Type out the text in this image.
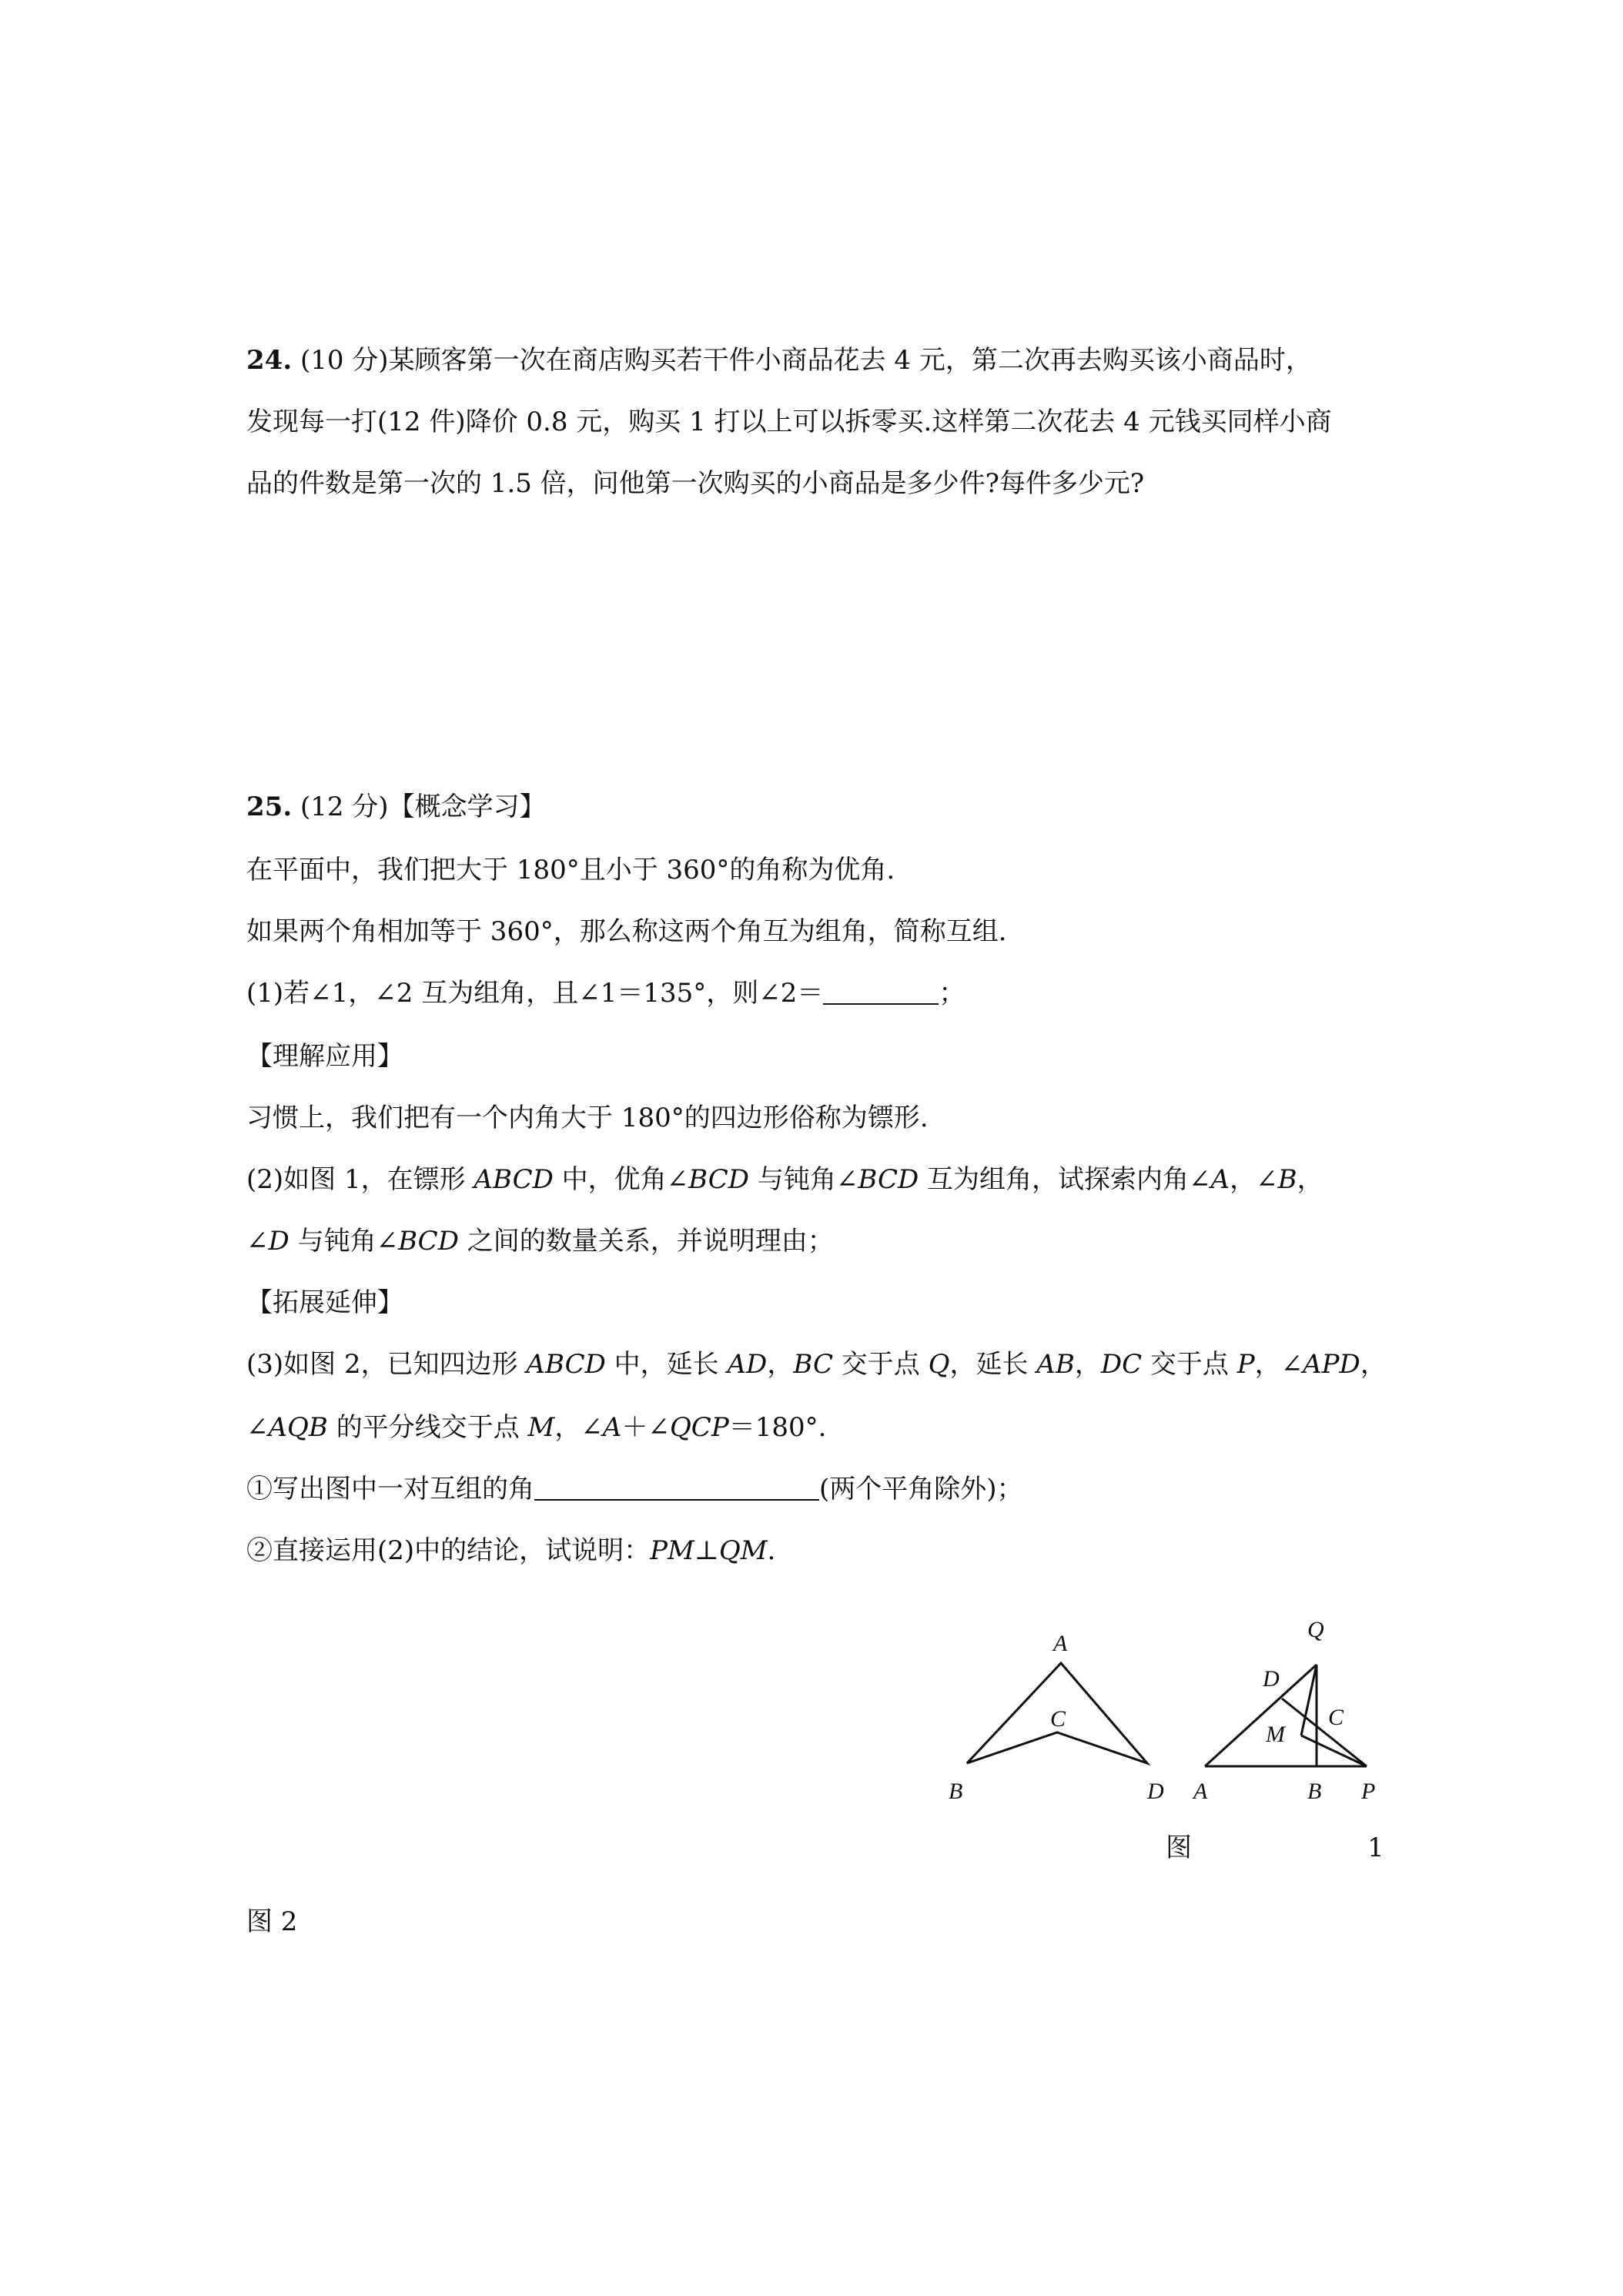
24. (10 分)某顾客第一次在商店购买若干件小商品花去 4 元，第二次再去购买该小商品时，
发现每一打(12 件)降价 0.8 元，购买 1 打以上可以拆零买.这样第二次花去 4 元钱买同样小商
品的件数是第一次的 1.5 倍，问他第一次购买的小商品是多少件?每件多少元?
25. (12 分)【概念学习】
在平面中，我们把大于 180°且小于 360°的角称为优角.
如果两个角相加等于 360°，那么称这两个角互为组角，简称互组.
(1)若∠1，∠2 互为组角，且∠1＝135°，则∠2＝	；
【理解应用】
习惯上，我们把有一个内角大于 180°的四边形俗称为镖形.
(2)如图 1，在镖形 ABCD 中，优角∠BCD 与钝角∠BCD 互为组角，试探索内角∠A，∠B，
∠D 与钝角∠BCD 之间的数量关系，并说明理由；
【拓展延伸】
(3)如图 2，已知四边形 ABCD 中，延长 AD，BC 交于点 Q，延长 AB，DC 交于点 P，∠APD，
∠AQB 的平分线交于点 M，∠A＋∠QCP＝180°.
①写出图中一对互组的角	(两个平角除外)；
②直接运用(2)中的结论，试说明：PM⊥QM.
A
B
C
D
Q
D
C
M
A	B P
图	1
图 2
